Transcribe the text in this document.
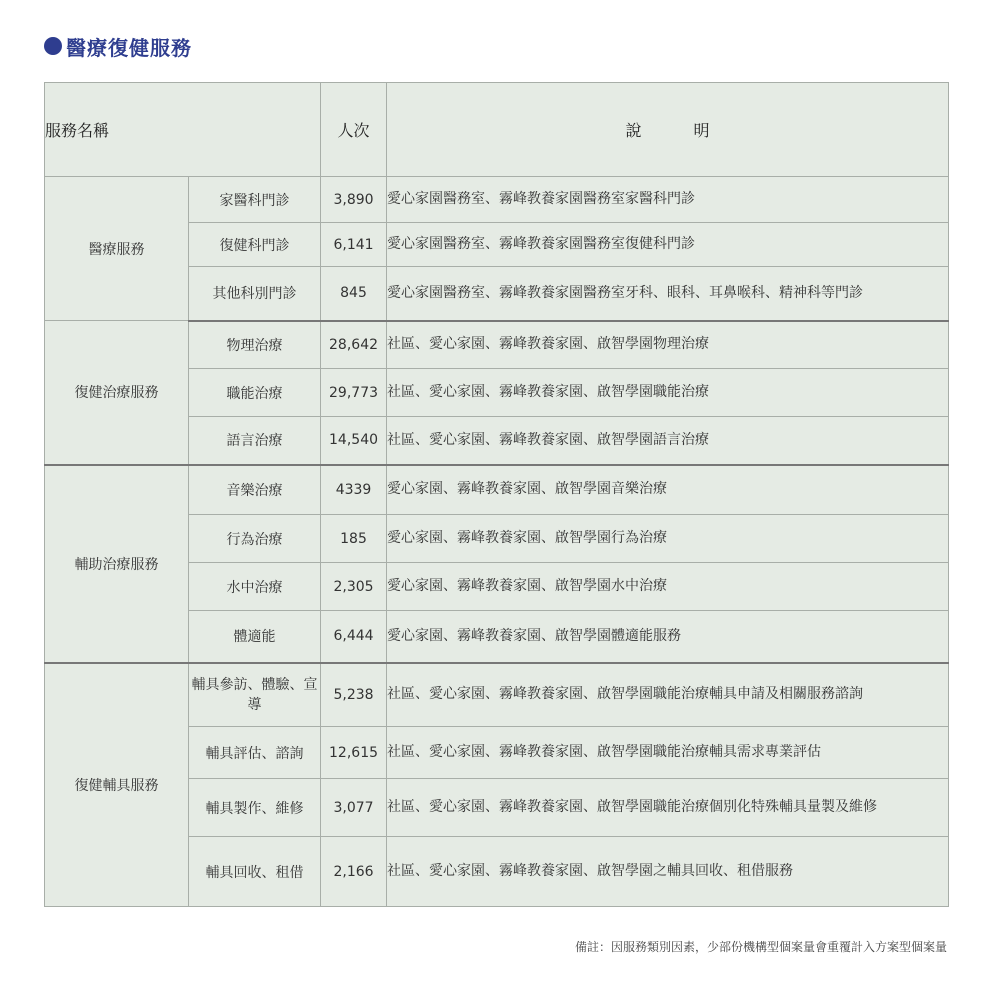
醫療復健服務
服務名稱		人次	說 明
醫療服務	家醫科門診	3,890	愛心家園醫務室、霧峰教養家園醫務室家醫科門診
	復健科門診	6,141	愛心家園醫務室、霧峰教養家園醫務室復健科門診
	其他科別門診	845	愛心家園醫務室、霧峰教養家園醫務室牙科、眼科、耳鼻喉科、精神科等門診
復健治療服務	物理治療	28,642	社區、愛心家園、霧峰教養家園、啟智學園物理治療
	職能治療	29,773	社區、愛心家園、霧峰教養家園、啟智學園職能治療
	語言治療	14,540	社區、愛心家園、霧峰教養家園、啟智學園語言治療
輔助治療服務	音樂治療	4339	愛心家園、霧峰教養家園、啟智學園音樂治療
	行為治療	185	愛心家園、霧峰教養家園、啟智學園行為治療
	水中治療	2,305	愛心家園、霧峰教養家園、啟智學園水中治療
	體適能	6,444	愛心家園、霧峰教養家園、啟智學園體適能服務
復健輔具服務	輔具參訪、體驗、宣導	5,238	社區、愛心家園、霧峰教養家園、啟智學園職能治療輔具申請及相關服務諮詢
	輔具評估、諮詢	12,615	社區、愛心家園、霧峰教養家園、啟智學園職能治療輔具需求專業評估
	輔具製作、維修	3,077	社區、愛心家園、霧峰教養家園、啟智學園職能治療個別化特殊輔具量製及維修
	輔具回收、租借	2,166	社區、愛心家園、霧峰教養家園、啟智學園之輔具回收、租借服務
備註：因服務類別因素，少部份機構型個案量會重覆計入方案型個案量
